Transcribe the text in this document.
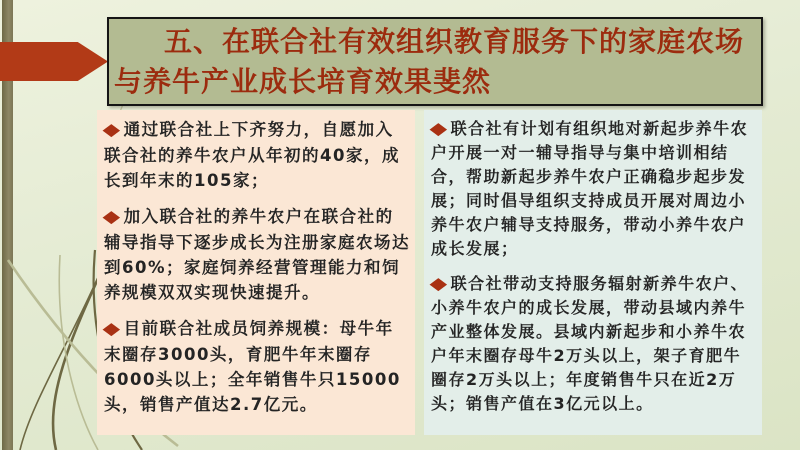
五、在联合社有效组织教育服务下的家庭农场

与养牛产业成长培育效果斐然

◆通过联合社上下齐努力，自愿加入联合社的养牛农户从年初的40家，成长到年末的105家；

◆加入联合社的养牛农户在联合社的辅导指导下逐步成长为注册家庭农场达到60%；家庭饲养经营管理能力和饲养规模双双实现快速提升。

◆目前联合社成员饲养规模：母牛年末圈存3000头，育肥牛年末圈存6000头以上；全年销售牛只15000头，销售产值达2.7亿元。

◆联合社有计划有组织地对新起步养牛农户开展一对一辅导指导与集中培训相结合，帮助新起步养牛农户正确稳步起步发展；同时倡导组织支持成员开展对周边小养牛农户辅导支持服务，带动小养牛农户成长发展；

◆联合社带动支持服务辐射新养牛农户、小养牛农户的成长发展，带动县域内养牛产业整体发展。县域内新起步和小养牛农户年末圈存母牛2万头以上，架子育肥牛圈存2万头以上；年度销售牛只在近2万头；销售产值在3亿元以上。
